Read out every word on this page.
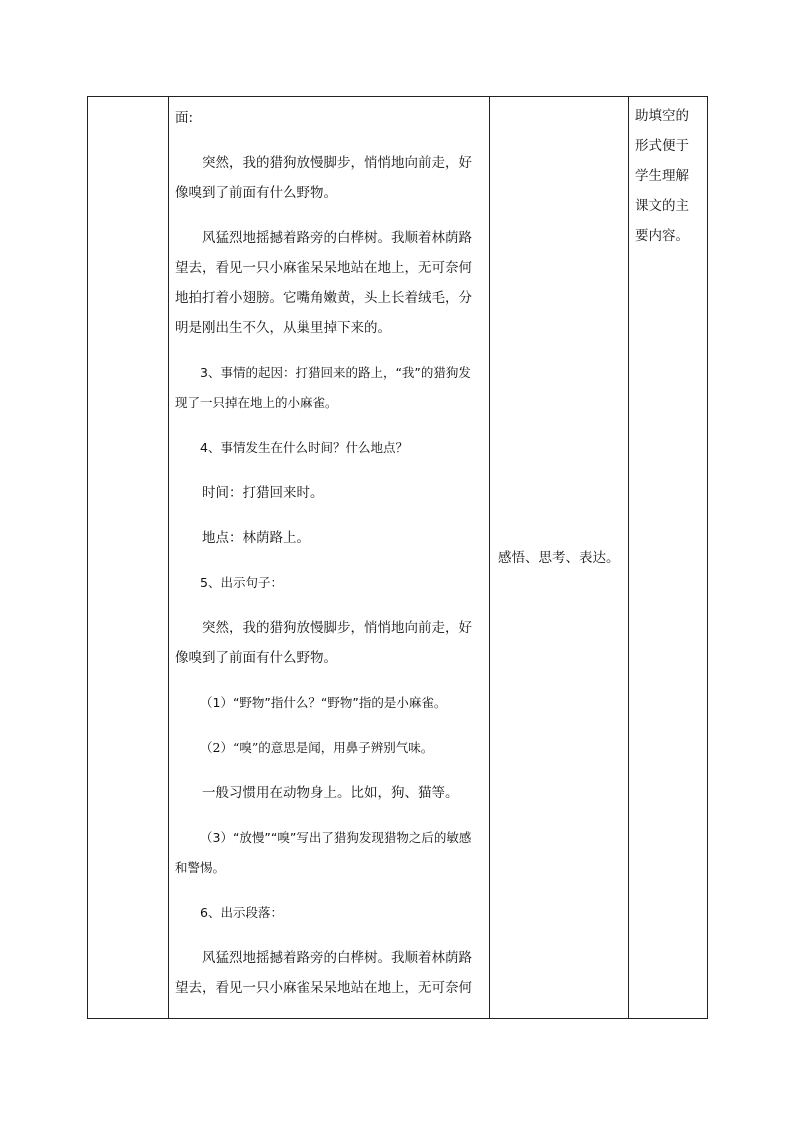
面:
突然，我的猎狗放慢脚步，悄悄地向前走，好像嗅到了前面有什么野物。
风猛烈地摇撼着路旁的白桦树。我顺着林荫路望去，看见一只小麻雀呆呆地站在地上，无可奈何地拍打着小翅膀。它嘴角嫩黄，头上长着绒毛，分明是刚出生不久，从巢里掉下来的。
3、事情的起因：打猎回来的路上，“我”的猎狗发现了一只掉在地上的小麻雀。
4、事情发生在什么时间？什么地点？
时间：打猎回来时。
地点：林荫路上。
5、出示句子：
突然，我的猎狗放慢脚步，悄悄地向前走，好像嗅到了前面有什么野物。
（1）“野物”指什么？“野物”指的是小麻雀。
（2）“嗅”的意思是闻，用鼻子辨别气味。
一般习惯用在动物身上。比如，狗、猫等。
（3）“放慢”“嗅”写出了猎狗发现猎物之后的敏感和警惕。
6、出示段落：
风猛烈地摇撼着路旁的白桦树。我顺着林荫路望去，看见一只小麻雀呆呆地站在地上，无可奈何

感悟、思考、表达。

助填空的形式便于学生理解课文的主要内容。
